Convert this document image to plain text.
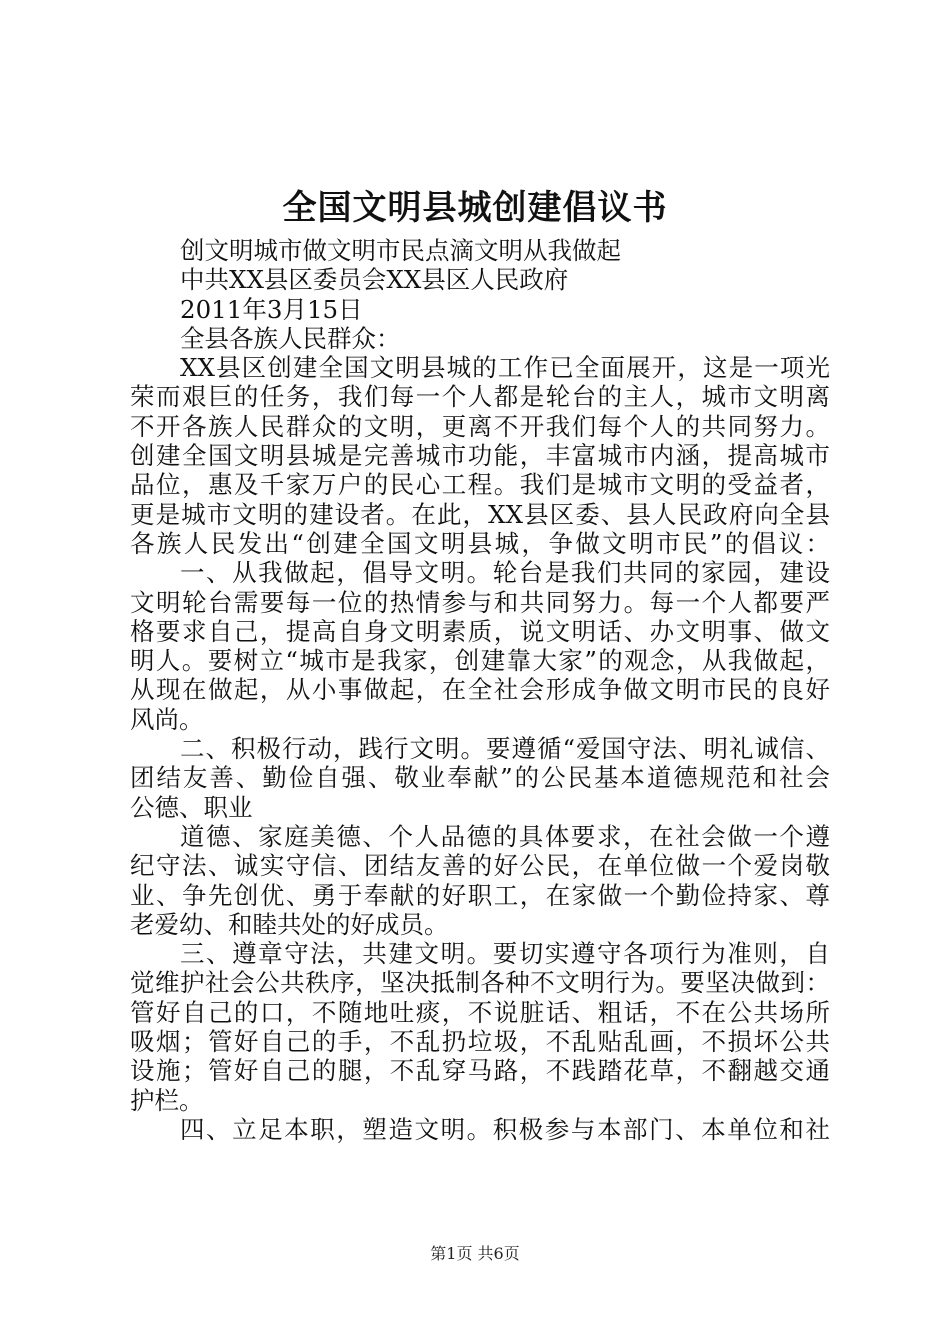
全国文明县城创建倡议书

创文明城市做文明市民点滴文明从我做起

中共XX县区委员会XX县区人民政府

2011年3月15日

全县各族人民群众：

XX县区创建全国文明县城的工作已全面展开，这是一项光

荣而艰巨的任务，我们每一个人都是轮台的主人，城市文明离

不开各族人民群众的文明，更离不开我们每个人的共同努力。

创建全国文明县城是完善城市功能，丰富城市内涵，提高城市

品位，惠及千家万户的民心工程。我们是城市文明的受益者，

更是城市文明的建设者。在此，XX县区委、县人民政府向全县

各族人民发出“创建全国文明县城，争做文明市民”的倡议：

一、从我做起，倡导文明。轮台是我们共同的家园，建设

文明轮台需要每一位的热情参与和共同努力。每一个人都要严

格要求自己，提高自身文明素质，说文明话、办文明事、做文

明人。要树立“城市是我家，创建靠大家”的观念，从我做起，

从现在做起，从小事做起，在全社会形成争做文明市民的良好

风尚。

二、积极行动，践行文明。要遵循“爱国守法、明礼诚信、

团结友善、勤俭自强、敬业奉献”的公民基本道德规范和社会

公德、职业

道德、家庭美德、个人品德的具体要求，在社会做一个遵

纪守法、诚实守信、团结友善的好公民，在单位做一个爱岗敬

业、争先创优、勇于奉献的好职工，在家做一个勤俭持家、尊

老爱幼、和睦共处的好成员。

三、遵章守法，共建文明。要切实遵守各项行为准则，自

觉维护社会公共秩序，坚决抵制各种不文明行为。要坚决做到：

管好自己的口，不随地吐痰，不说脏话、粗话，不在公共场所

吸烟；管好自己的手，不乱扔垃圾，不乱贴乱画，不损坏公共

设施；管好自己的腿，不乱穿马路，不践踏花草，不翻越交通

护栏。

四、立足本职，塑造文明。积极参与本部门、本单位和社

第1页 共6页
